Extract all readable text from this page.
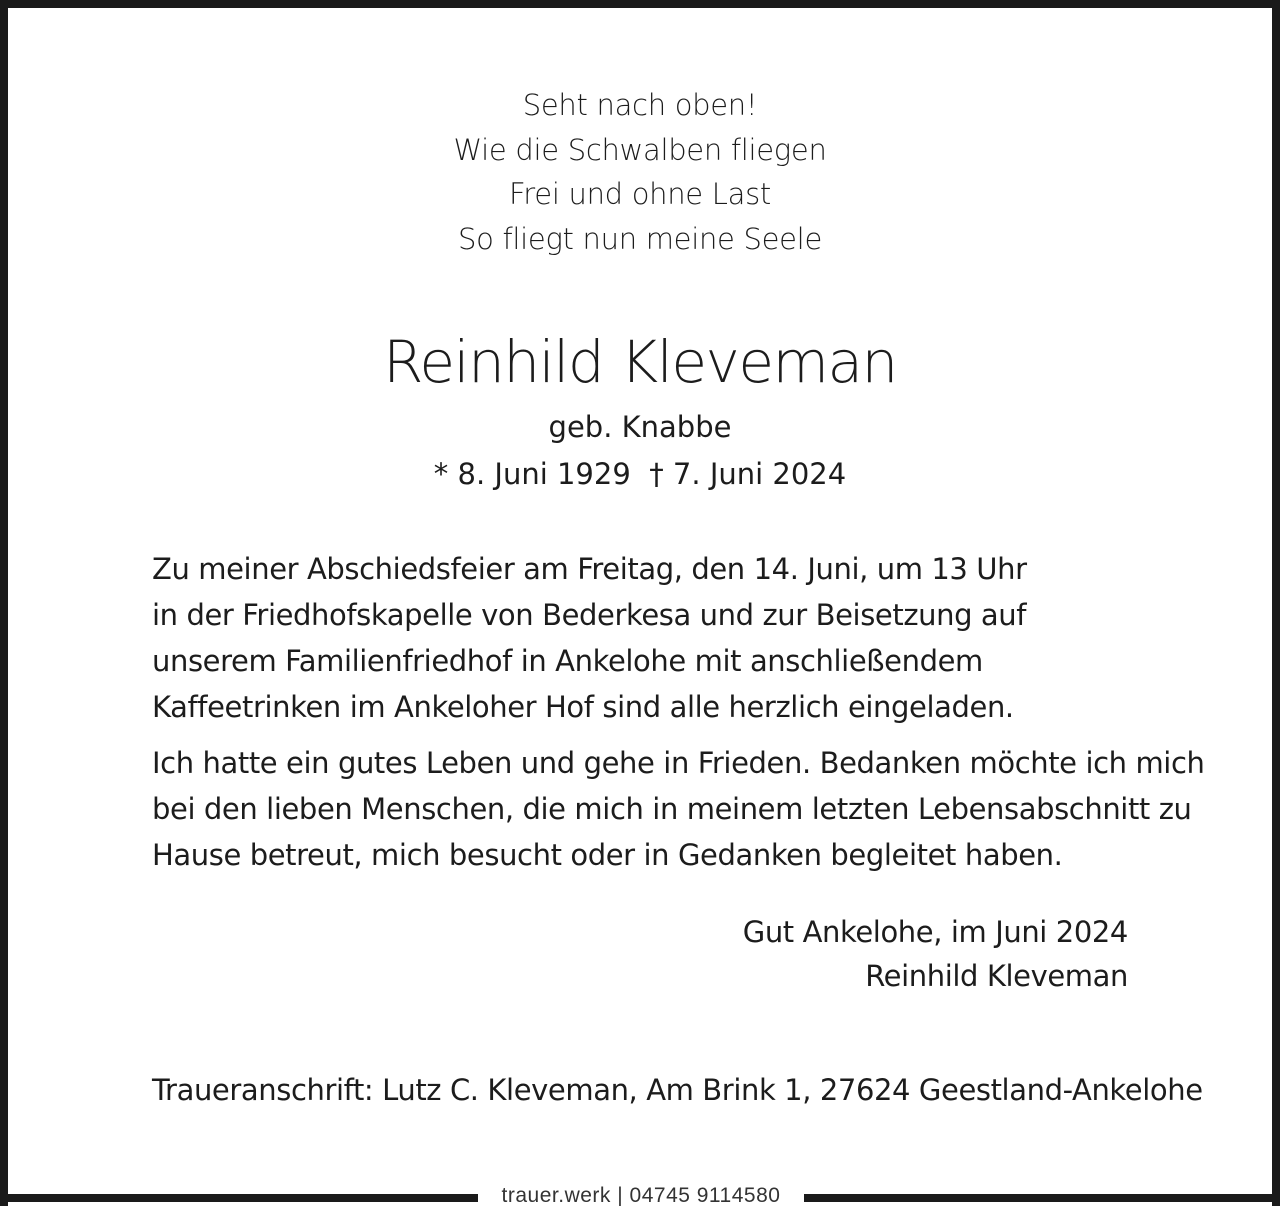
trauer.werk | 04745 9114580
Seht nach oben!
Wie die Schwalben fliegen
Frei und ohne Last
So fliegt nun meine Seele
Reinhild Kleveman
geb. Knabbe
* 8. Juni 1929  † 7. Juni 2024
Zu meiner Abschiedsfeier am Freitag, den 14. Juni, um 13 Uhr
in der Friedhofskapelle von Bederkesa und zur Beisetzung auf
unserem Familienfriedhof in Ankelohe mit anschließendem
Kaffeetrinken im Ankeloher Hof sind alle herzlich eingeladen.
Ich hatte ein gutes Leben und gehe in Frieden. Bedanken möchte ich mich
bei den lieben Menschen, die mich in meinem letzten Lebensabschnitt zu
Hause betreut, mich besucht oder in Gedanken begleitet haben.
Gut Ankelohe, im Juni 2024
Reinhild Kleveman
Traueranschrift: Lutz C. Kleveman, Am Brink 1, 27624 Geestland-Ankelohe
